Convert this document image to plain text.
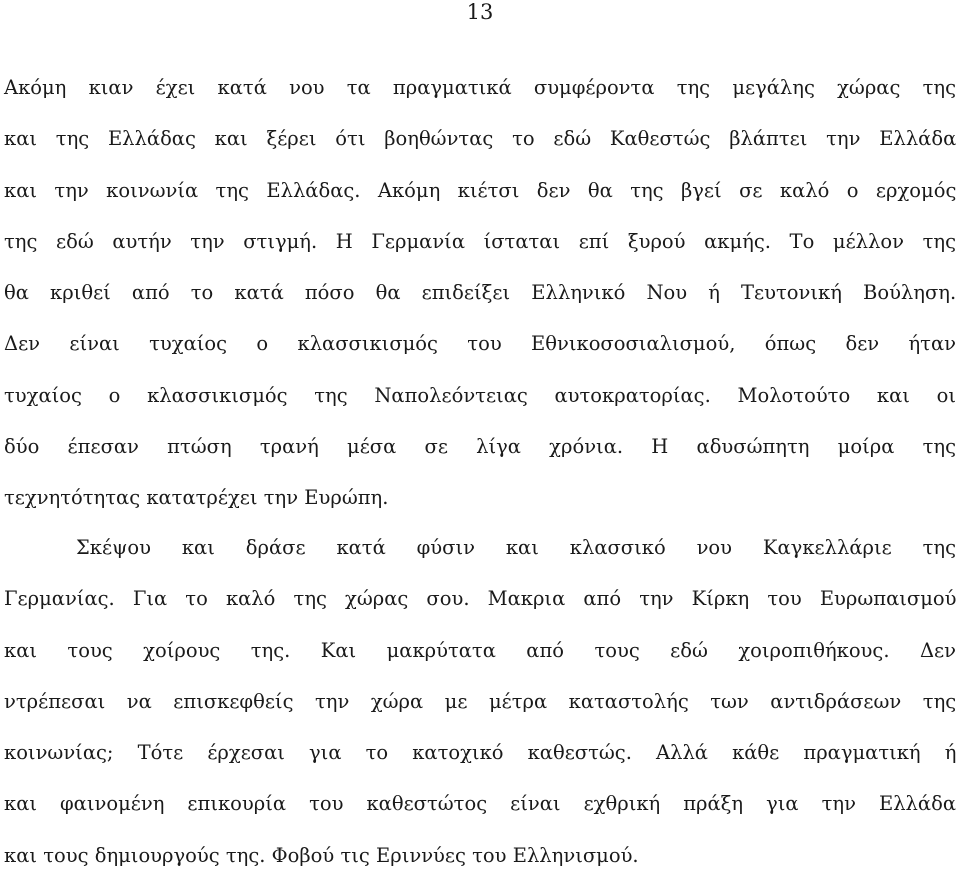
13
Ακόμη κιαν έχει κατά νου τα πραγματικά συμφέροντα της μεγάλης χώρας της
και της Ελλάδας και ξέρει ότι βοηθώντας το εδώ Καθεστώς βλάπτει την Ελλάδα
και την κοινωνία της Ελλάδας. Ακόμη κιέτσι δεν θα της βγεί σε καλό ο ερχομός
της εδώ αυτήν την στιγμή. Η Γερμανία ίσταται επί ξυρού ακμής. Το μέλλον της
θα κριθεί από το κατά πόσο θα επιδείξει Ελληνικό Νου ή Τευτονική Βούληση.
Δεν είναι τυχαίος ο κλασσικισμός του Εθνικοσοσιαλισμού, όπως δεν ήταν
τυχαίος ο κλασσικισμός της Ναπολεόντειας αυτοκρατορίας. Μολοτούτο και οι
δύο έπεσαν πτώση τρανή μέσα σε λίγα χρόνια. Η αδυσώπητη μοίρα της
τεχνητότητας κατατρέχει την Ευρώπη.
Σκέψου και δράσε κατά φύσιν και κλασσικό νου Καγκελλάριε της
Γερμανίας. Για το καλό της χώρας σου. Μακρια από την Κίρκη του Ευρωπαισμού
και τους χοίρους της. Και μακρύτατα από τους εδώ χοιροπιθήκους. Δεν
ντρέπεσαι να επισκεφθείς την χώρα με μέτρα καταστολής των αντιδράσεων της
κοινωνίας; Τότε έρχεσαι για το κατοχικό καθεστώς. Αλλά κάθε πραγματική ή
και φαινομένη επικουρία του καθεστώτος είναι εχθρική πράξη για την Ελλάδα
και τους δημιουργούς της. Φοβού τις Εριννύες του Ελληνισμού.
